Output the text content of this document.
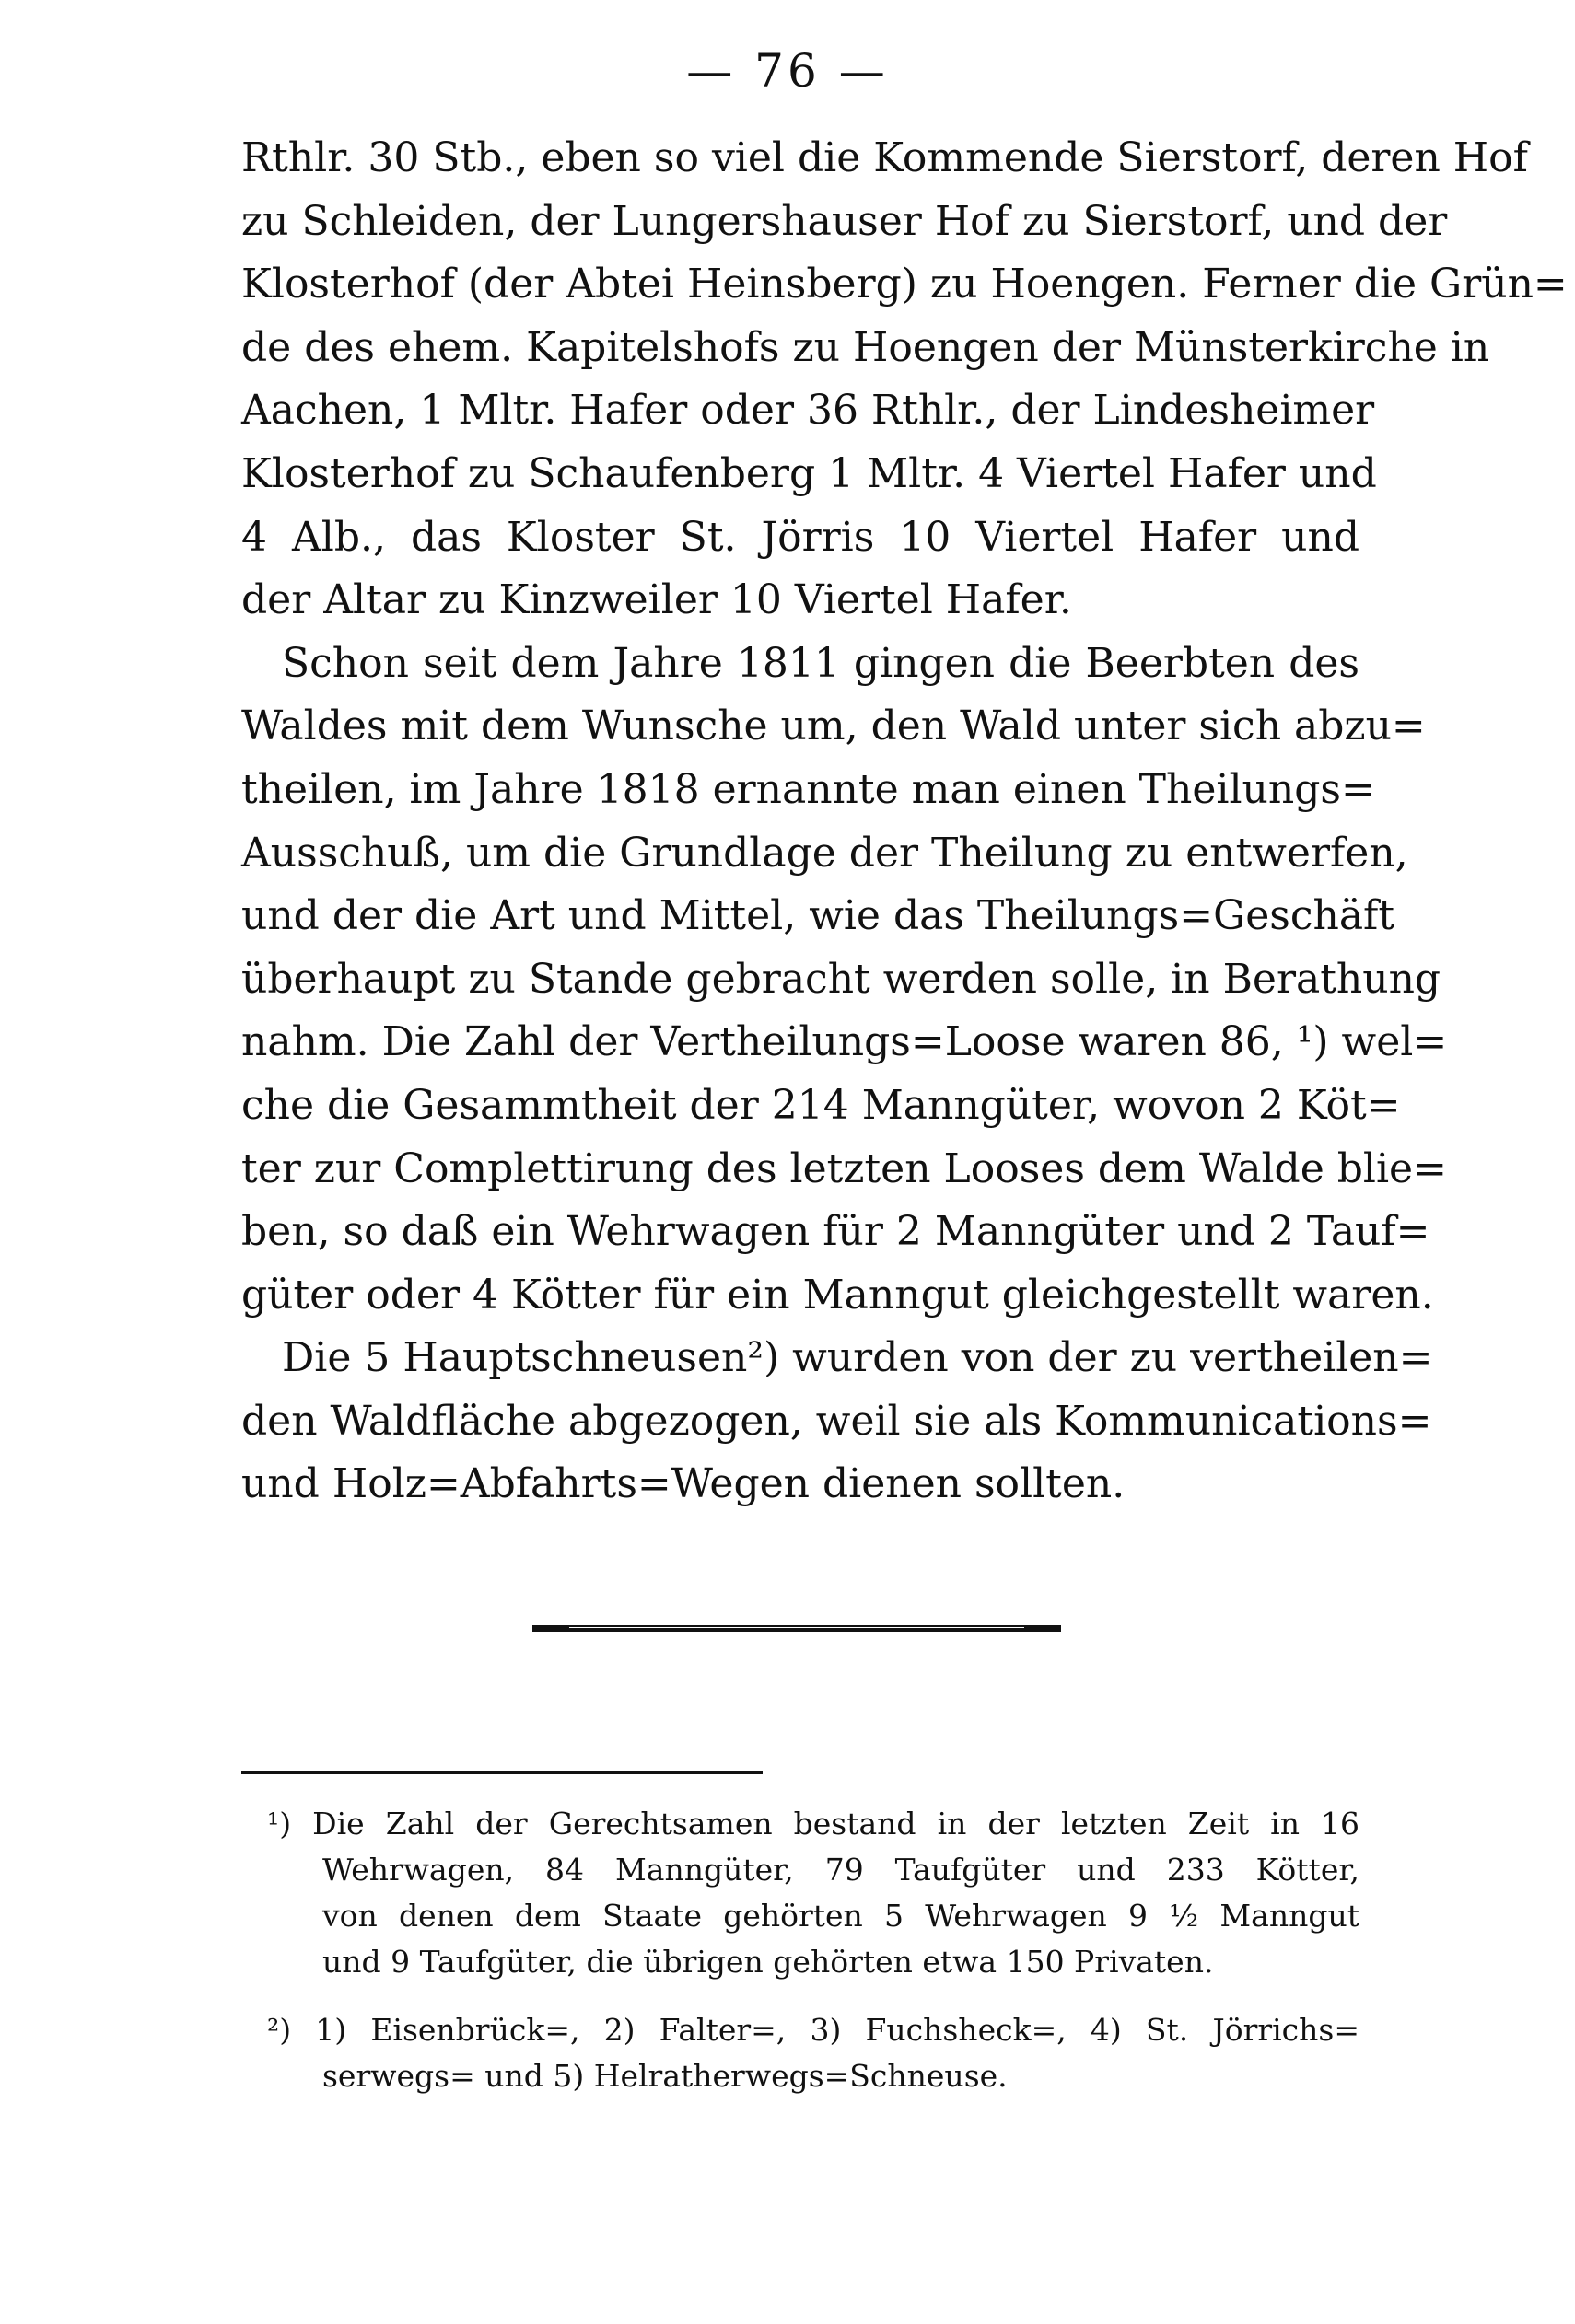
— 76 —
Rthlr. 30 Stb., eben so viel die Kommende Sierstorf, deren Hof
zu Schleiden, der Lungershauser Hof zu Sierstorf, und der
Klosterhof (der Abtei Heinsberg) zu Hoengen. Ferner die Grün=
de des ehem. Kapitelshofs zu Hoengen der Münsterkirche in
Aachen, 1 Mltr. Hafer oder 36 Rthlr., der Lindesheimer
Klosterhof zu Schaufenberg 1 Mltr. 4 Viertel Hafer und
4 Alb., das Kloster St. Jörris 10 Viertel Hafer und
der Altar zu Kinzweiler 10 Viertel Hafer.
Schon seit dem Jahre 1811 gingen die Beerbten des
Waldes mit dem Wunsche um, den Wald unter sich abzu=
theilen, im Jahre 1818 ernannte man einen Theilungs=
Ausschuß, um die Grundlage der Theilung zu entwerfen,
und der die Art und Mittel, wie das Theilungs=Geschäft
überhaupt zu Stande gebracht werden solle, in Berathung
nahm. Die Zahl der Vertheilungs=Loose waren 86, ¹) wel=
che die Gesammtheit der 214 Manngüter, wovon 2 Köt=
ter zur Complettirung des letzten Looses dem Walde blie=
ben, so daß ein Wehrwagen für 2 Manngüter und 2 Tauf=
güter oder 4 Kötter für ein Manngut gleichgestellt waren.
Die 5 Hauptschneusen²) wurden von der zu vertheilen=
den Waldfläche abgezogen, weil sie als Kommunications=
und Holz=Abfahrts=Wegen dienen sollten.
¹) Die Zahl der Gerechtsamen bestand in der letzten Zeit in 16
Wehrwagen, 84 Manngüter, 79 Taufgüter und 233 Kötter,
von denen dem Staate gehörten 5 Wehrwagen 9 ½ Manngut
und 9 Taufgüter, die übrigen gehörten etwa 150 Privaten.
²) 1) Eisenbrück=, 2) Falter=, 3) Fuchsheck=, 4) St. Jörrichs=
serwegs= und 5) Helratherwegs=Schneuse.
